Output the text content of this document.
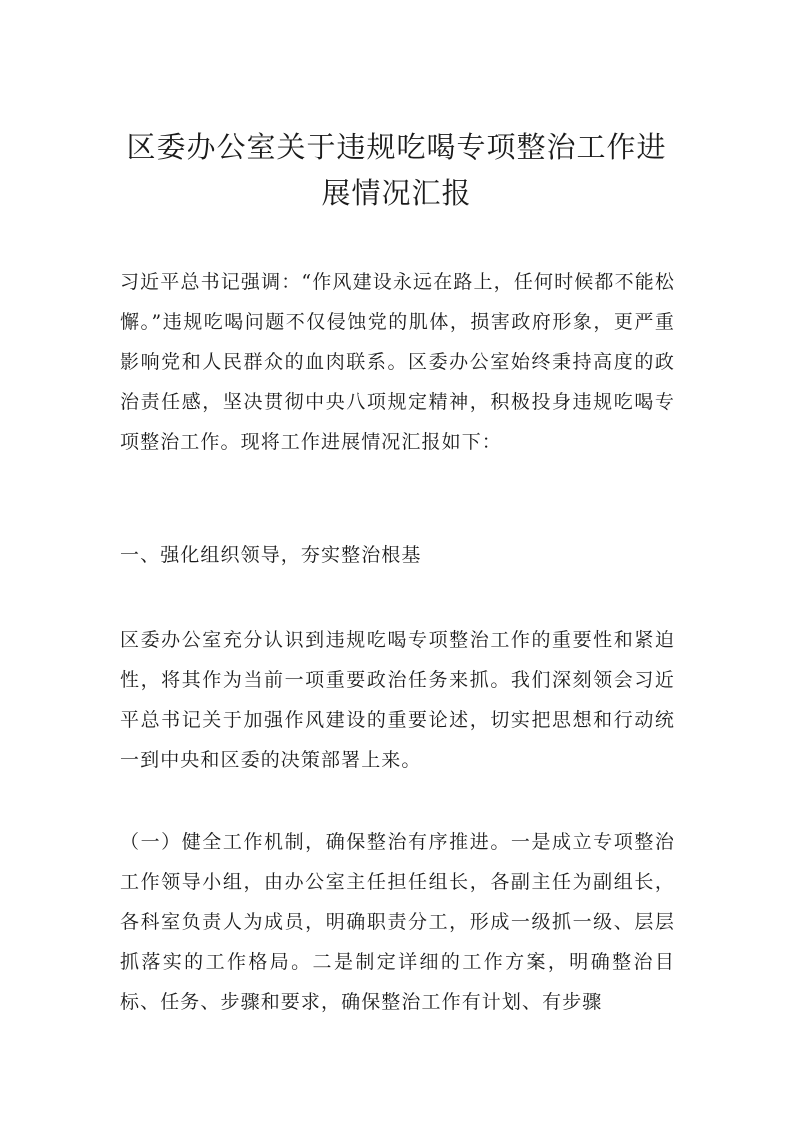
区委办公室关于违规吃喝专项整治工作进展情况汇报

习近平总书记强调：“作风建设永远在路上，任何时候都不能松懈。”违规吃喝问题不仅侵蚀党的肌体，损害政府形象，更严重影响党和人民群众的血肉联系。区委办公室始终秉持高度的政治责任感，坚决贯彻中央八项规定精神，积极投身违规吃喝专项整治工作。现将工作进展情况汇报如下：

一、强化组织领导，夯实整治根基

区委办公室充分认识到违规吃喝专项整治工作的重要性和紧迫性，将其作为当前一项重要政治任务来抓。我们深刻领会习近平总书记关于加强作风建设的重要论述，切实把思想和行动统一到中央和区委的决策部署上来。

（一）健全工作机制，确保整治有序推进。一是成立专项整治工作领导小组，由办公室主任担任组长，各副主任为副组长，各科室负责人为成员，明确职责分工，形成一级抓一级、层层抓落实的工作格局。二是制定详细的工作方案，明确整治目标、任务、步骤和要求，确保整治工作有计划、有步骤
